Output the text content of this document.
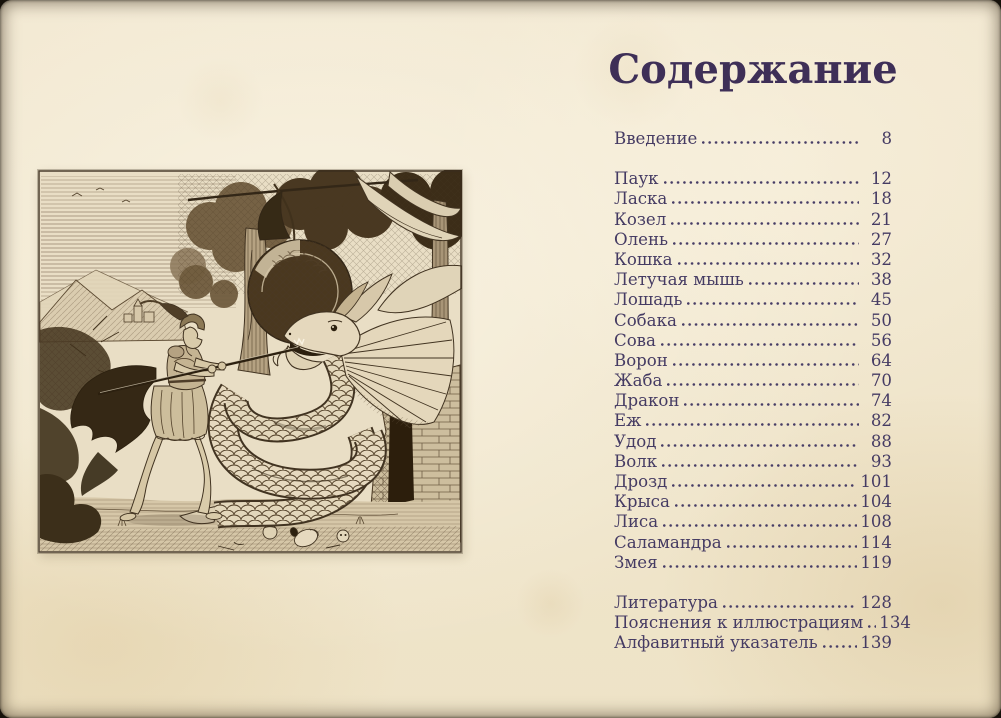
Содержание
Введение	8
Паук	12
Ласка	18
Козел	21
Олень	27
Кошка	32
Летучая мышь	38
Лошадь	45
Собака	50
Сова	56
Ворон	64
Жаба	70
Дракон	74
Еж	82
Удод	88
Волк	93
Дрозд	101
Крыса	104
Лиса	108
Саламандра	114
Змея	119
Литература	128
Пояснения к иллюстрациям 134
Алфавитный указатель	139
